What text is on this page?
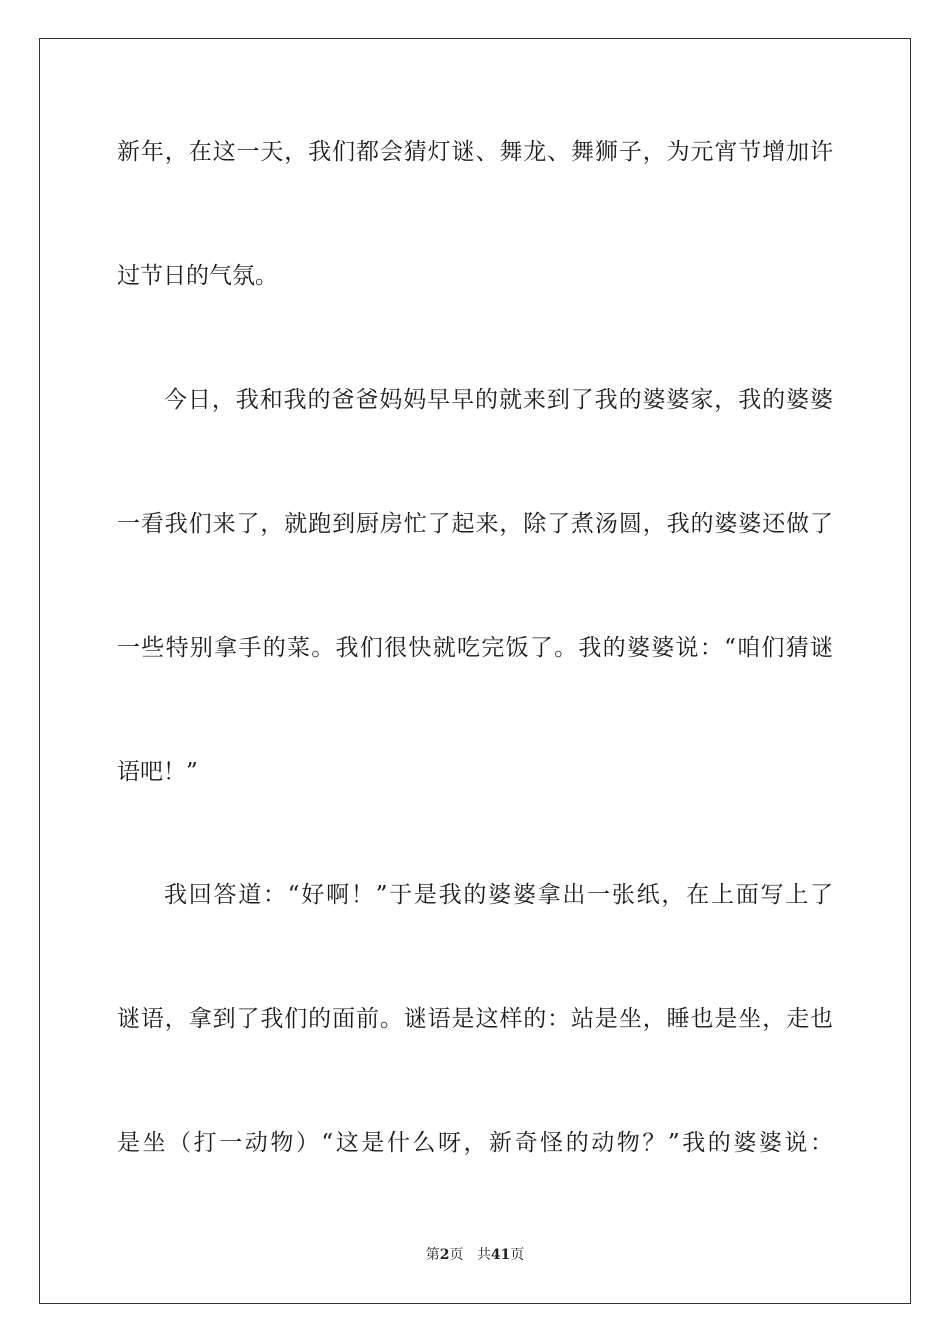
新年，在这一天，我们都会猜灯谜、舞龙、舞狮子，为元宵节增加许
过节日的气氛。
今日，我和我的爸爸妈妈早早的就来到了我的婆婆家，我的婆婆
一看我们来了，就跑到厨房忙了起来，除了煮汤圆，我的婆婆还做了
一些特别拿手的菜。我们很快就吃完饭了。我的婆婆说：“咱们猜谜
语吧！”
我回答道：“好啊！”于是我的婆婆拿出一张纸，在上面写上了
谜语，拿到了我们的面前。谜语是这样的：站是坐，睡也是坐，走也
是坐（打一动物）“这是什么呀，新奇怪的动物？”我的婆婆说：
第2页 共41页
